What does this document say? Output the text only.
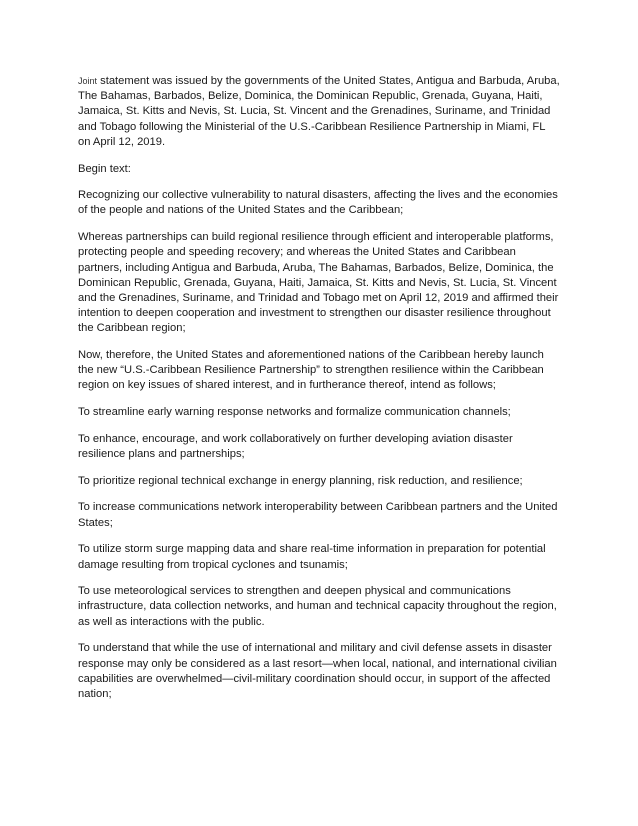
Joint statement was issued by the governments of the United States, Antigua and Barbuda, Aruba, The Bahamas, Barbados, Belize, Dominica, the Dominican Republic, Grenada, Guyana, Haiti, Jamaica, St. Kitts and Nevis, St. Lucia, St. Vincent and the Grenadines, Suriname, and Trinidad and Tobago following the Ministerial of the U.S.-Caribbean Resilience Partnership in Miami, FL on April 12, 2019.

Begin text:

Recognizing our collective vulnerability to natural disasters, affecting the lives and the economies of the people and nations of the United States and the Caribbean;

Whereas partnerships can build regional resilience through efficient and interoperable platforms, protecting people and speeding recovery; and whereas the United States and Caribbean partners, including Antigua and Barbuda, Aruba, The Bahamas, Barbados, Belize, Dominica, the Dominican Republic, Grenada, Guyana, Haiti, Jamaica, St. Kitts and Nevis, St. Lucia, St. Vincent and the Grenadines, Suriname, and Trinidad and Tobago met on April 12, 2019 and affirmed their intention to deepen cooperation and investment to strengthen our disaster resilience throughout the Caribbean region;

Now, therefore, the United States and aforementioned nations of the Caribbean hereby launch the new “U.S.-Caribbean Resilience Partnership” to strengthen resilience within the Caribbean region on key issues of shared interest, and in furtherance thereof, intend as follows;

To streamline early warning response networks and formalize communication channels;

To enhance, encourage, and work collaboratively on further developing aviation disaster resilience plans and partnerships;

To prioritize regional technical exchange in energy planning, risk reduction, and resilience;

To increase communications network interoperability between Caribbean partners and the United States;

To utilize storm surge mapping data and share real-time information in preparation for potential damage resulting from tropical cyclones and tsunamis;

To use meteorological services to strengthen and deepen physical and communications infrastructure, data collection networks, and human and technical capacity throughout the region, as well as interactions with the public.

To understand that while the use of international and military and civil defense assets in disaster response may only be considered as a last resort—when local, national, and international civilian capabilities are overwhelmed—civil-military coordination should occur, in support of the affected nation;
